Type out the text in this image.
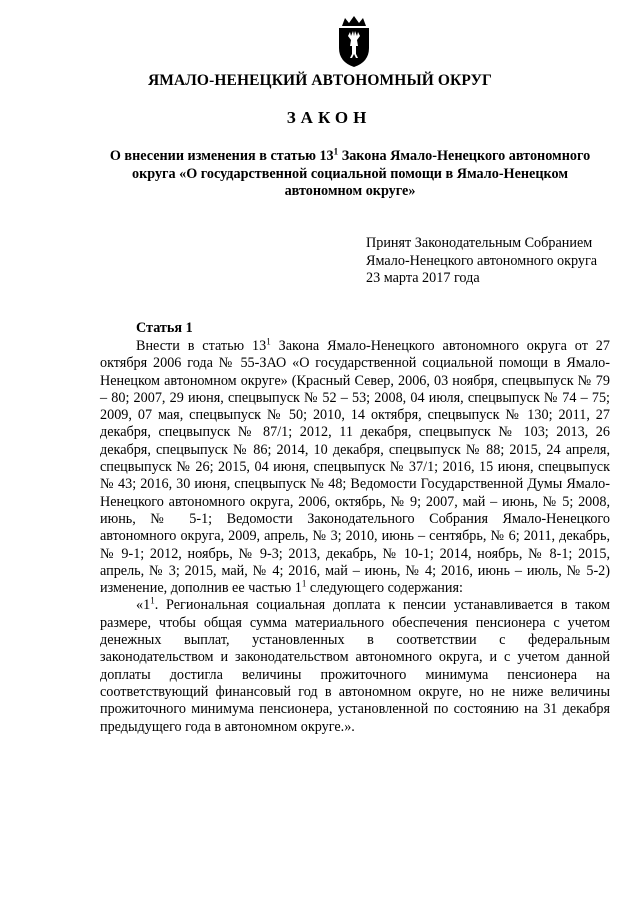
ЯМАЛО-НЕНЕЦКИЙ АВТОНОМНЫЙ ОКРУГ
ЗАКОН
О внесении изменения в статью $13^1$ Закона Ямало-Ненецкого автономного округа «О государственной социальной помощи в Ямало-Ненецком автономном округе»
Принят Законодательным Собранием
Ямало-Ненецкого автономного округа
23 марта 2017 года
Статья 1

Внести в статью $13^1$ Закона Ямало-Ненецкого автономного округа от 27 октября 2006 года № 55-ЗАО «О государственной социальной помощи в Ямало-Ненецком автономном округе» (Красный Север, 2006, 03 ноября, спецвыпуск № 79 – 80; 2007, 29 июня, спецвыпуск № 52 – 53; 2008, 04 июля, спецвыпуск № 74 – 75; 2009, 07 мая, спецвыпуск № 50; 2010, 14 октября, спецвыпуск № 130; 2011, 27 декабря, спецвыпуск № 87/1; 2012, 11 декабря, спецвыпуск № 103; 2013, 26 декабря, спецвыпуск № 86; 2014, 10 декабря, спецвыпуск № 88; 2015, 24 апреля, спецвыпуск № 26; 2015, 04 июня, спецвыпуск № 37/1; 2016, 15 июня, спецвыпуск № 43; 2016, 30 июня, спецвыпуск № 48; Ведомости Государственной Думы Ямало-Ненецкого автономного округа, 2006, октябрь, № 9; 2007, май – июнь, № 5; 2008, июнь, № 5-1; Ведомости Законодательного Собрания Ямало-Ненецкого автономного округа, 2009, апрель, № 3; 2010, июнь – сентябрь, № 6; 2011, декабрь, № 9-1; 2012, ноябрь, № 9-3; 2013, декабрь, № 10-1; 2014, ноябрь, № 8-1; 2015, апрель, № 3; 2015, май, № 4; 2016, май – июнь, № 4; 2016, июнь – июль, № 5-2) изменение, дополнив ее частью $1^1$ следующего содержания:

«$1^1$. Региональная социальная доплата к пенсии устанавливается в таком размере, чтобы общая сумма материального обеспечения пенсионера с учетом денежных выплат, установленных в соответствии с федеральным законодательством и законодательством автономного округа, и с учетом данной доплаты достигла величины прожиточного минимума пенсионера на соответствующий финансовый год в автономном округе, но не ниже величины прожиточного минимума пенсионера, установленной по состоянию на 31 декабря предыдущего года в автономном округе.».
